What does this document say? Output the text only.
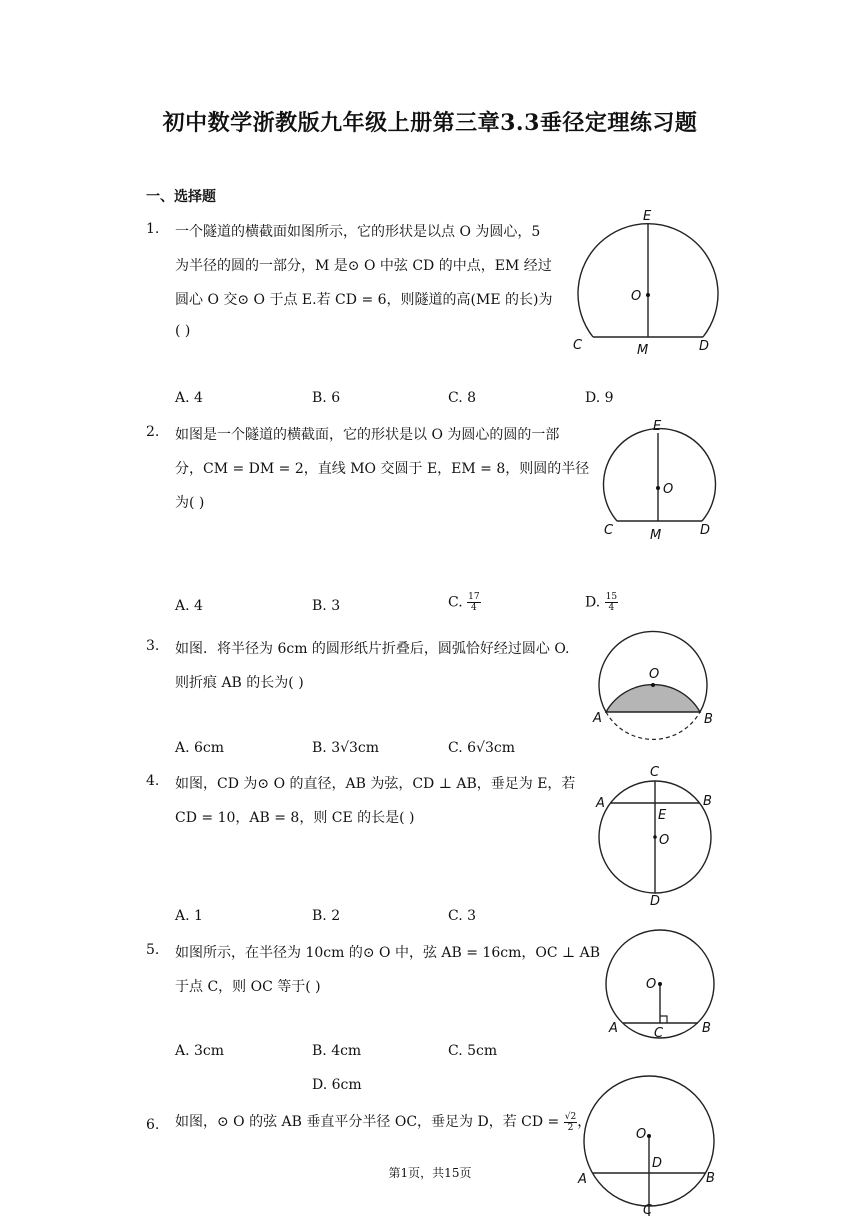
初中数学浙教版九年级上册第三章3.3垂径定理练习题
一、选择题
1. 一个隧道的横截面如图所示，它的形状是以点 O 为圆心，5
为半径的圆的一部分，M 是⊙ O 中弦 CD 的中点，EM 经过
圆心 O 交⊙ O 于点 E.若 CD = 6，则隧道的高(ME 的长)为
( )
A. 4	B. 6	C. 8	D. 9
E
O
C	M	D
2. 如图是一个隧道的横截面，它的形状是以 O 为圆心的圆的一部
分，CM = DM = 2，直线 MO 交圆于 E，EM = 8，则圆的半径
为( )
A. 4	B. 3	C. $\frac{17}{4}$	D. $\frac{15}{4}$
E
O
C	M	D
3. 如图．将半径为 6cm 的圆形纸片折叠后，圆弧恰好经过圆心 O.
则折痕 AB 的长为( )
A. 6cm	B. 3√3cm	C. 6√3cm
O
A	B
4. 如图，CD 为⊙ O 的直径，AB 为弦，CD ⊥ AB，垂足为 E，若
CD = 10，AB = 8，则 CE 的长是( )
A. 1	B. 2	C. 3
C
A	B
E
O
D
5. 如图所示，在半径为 10cm 的⊙ O 中，弦 AB = 16cm，OC ⊥ AB
于点 C，则 OC 等于( )
A. 3cm	B. 4cm	C. 5cm
D. 6cm
O
A	C	B
6. 如图，⊙ O 的弦 AB 垂直平分半径 OC，垂足为 D，若 CD = $\frac{√2}{2}$ ，
O
D
A	B
C
第1页，共15页
